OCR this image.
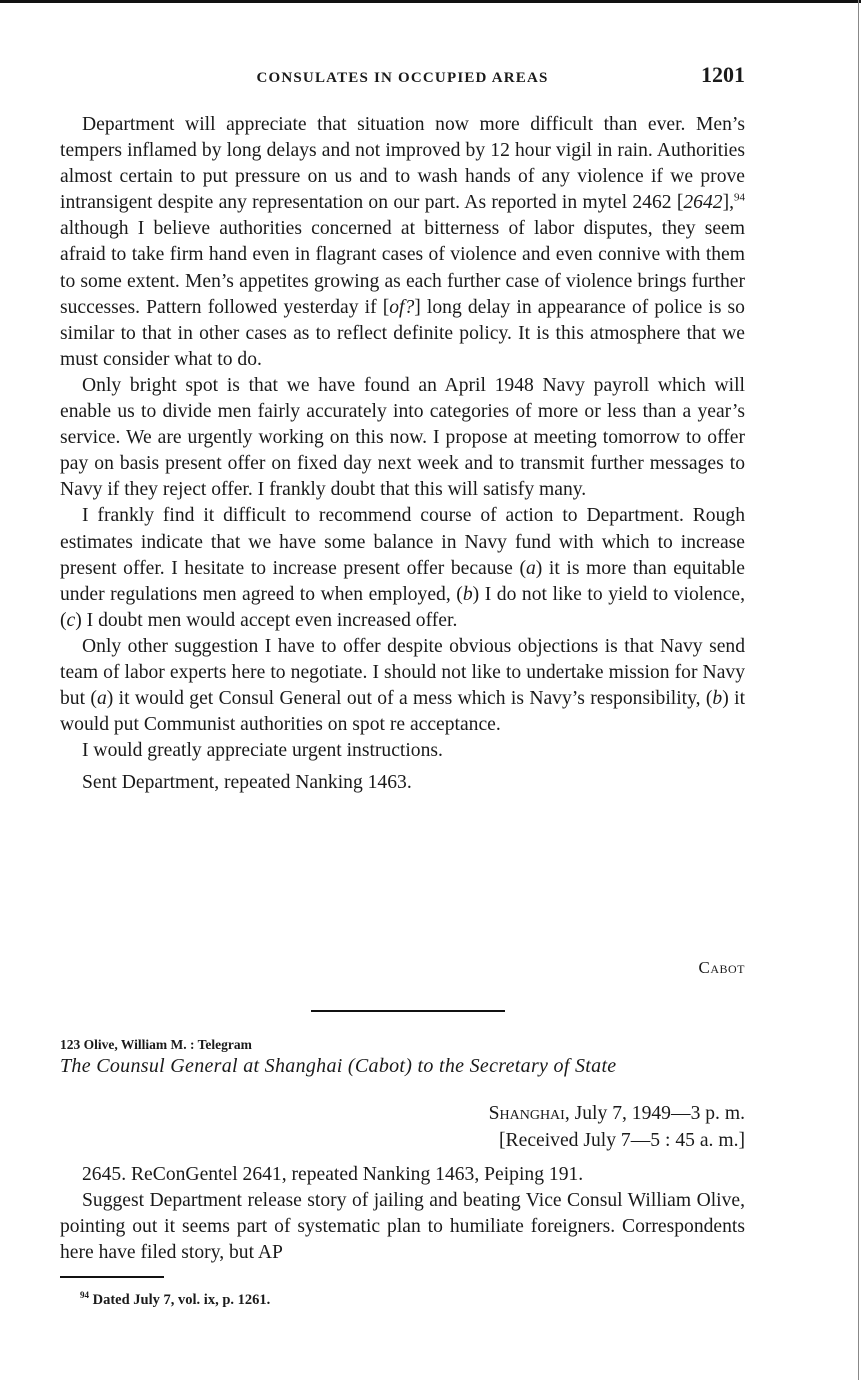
CONSULATES IN OCCUPIED AREAS	1201

Department will appreciate that situation now more difficult than ever. Men’s tempers inflamed by long delays and not improved by 12 hour vigil in rain. Authorities almost certain to put pressure on us and to wash hands of any violence if we prove intransigent despite any representation on our part. As reported in mytel 2462 [2642],$^{94}$ although I believe authorities concerned at bitterness of labor disputes, they seem afraid to take firm hand even in flagrant cases of violence and even connive with them to some extent. Men’s appetites growing as each further case of violence brings further successes. Pattern followed yesterday if [of?] long delay in appearance of police is so similar to that in other cases as to reflect definite policy. It is this atmosphere that we must consider what to do.

Only bright spot is that we have found an April 1948 Navy payroll which will enable us to divide men fairly accurately into categories of more or less than a year’s service. We are urgently working on this now. I propose at meeting tomorrow to offer pay on basis present offer on fixed day next week and to transmit further messages to Navy if they reject offer. I frankly doubt that this will satisfy many.

I frankly find it difficult to recommend course of action to Department. Rough estimates indicate that we have some balance in Navy fund with which to increase present offer. I hesitate to increase present offer because (a) it is more than equitable under regulations men agreed to when employed, (b) I do not like to yield to violence, (c) I doubt men would accept even increased offer.

Only other suggestion I have to offer despite obvious objections is that Navy send team of labor experts here to negotiate. I should not like to undertake mission for Navy but (a) it would get Consul General out of a mess which is Navy’s responsibility, (b) it would put Communist authorities on spot re acceptance.

I would greatly appreciate urgent instructions.

Sent Department, repeated Nanking 1463.

Cabot
123 Olive, William M. : Telegram
The Counsul General at Shanghai (Cabot) to the Secretary of State
Shanghai, July 7, 1949—3 p. m.
[Received July 7—5 : 45 a. m.]

2645. ReConGentel 2641, repeated Nanking 1463, Peiping 191.

Suggest Department release story of jailing and beating Vice Consul William Olive, pointing out it seems part of systematic plan to humiliate foreigners. Correspondents here have filed story, but AP

$^{94}$ Dated July 7, vol. ix, p. 1261.
